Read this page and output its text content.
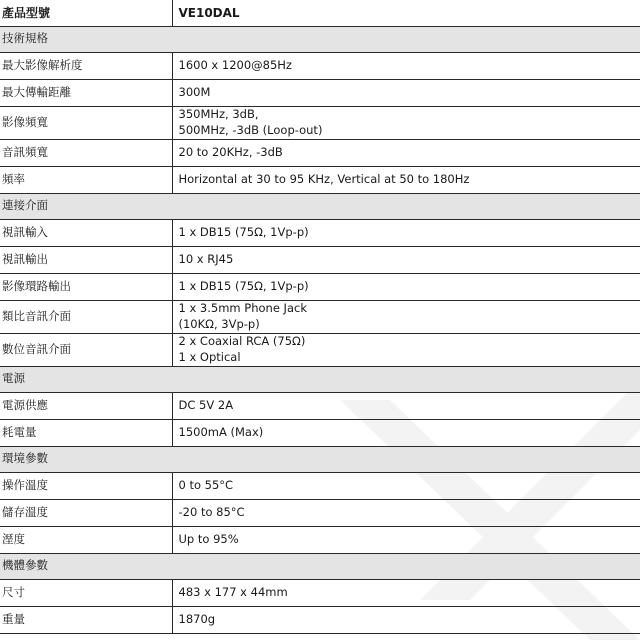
產品型號	VE10DAL
技術規格	
最大影像解析度	1600 x 1200@85Hz

最大傳輸距離	300M

影像頻寬	350MHz, 3dB,
500MHz, -3dB (Loop-out)

音訊頻寬	20 to 20KHz, -3dB

頻率	Horizontal at 30 to 95 KHz, Vertical at 50 to 180Hz

連接介面	
視訊輸入	1 x DB15 (75Ω, 1Vp-p)

視訊輸出	10 x RJ45

影像環路輸出	1 x DB15 (75Ω, 1Vp-p)

類比音訊介面	1 x 3.5mm Phone Jack
(10KΩ, 3Vp-p)

數位音訊介面	2 x Coaxial RCA (75Ω)
1 x Optical

電源	
電源供應	DC 5V 2A

耗電量	1500mA (Max)

環境參數	
操作溫度	0 to 55°C

儲存溫度	-20 to 85°C

溼度	Up to 95%

機體參數	
尺寸	483 x 177 x 44mm

重量	1870g
